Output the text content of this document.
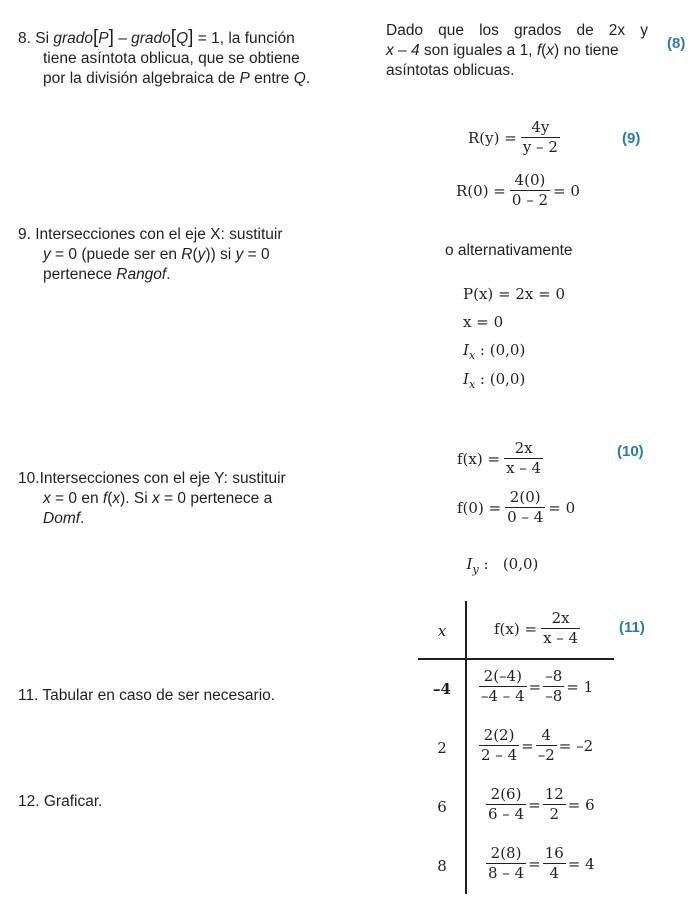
8. Si grado[P] – grado[Q] = 1, la función
tiene asíntota oblicua, que se obtiene
por la división algebraica de P entre Q.
9. Intersecciones con el eje X: sustituir
y = 0 (puede ser en R(y)) si y = 0
pertenece Rangof.
10.Intersecciones con el eje Y: sustituir
x = 0 en f(x). Si x = 0 pertenece a
Domf.
11. Tabular en caso de ser necesario.
12. Graficar.
Dado que los grados de 2x y
x – 4 son iguales a 1, f(x) no tiene
asíntotas oblicuas.
(8)
$R(y) = \frac{4y}{y - 2}$	(9)
$R(0) = \frac{4(0)}{0 - 2} = 0$
o alternativamente
P(x) = 2x = 0
x = 0
$I_x$ : (0,0)
$I_x$ : (0,0)
$f(x) = \frac{2x}{x - 4}$	(10)
$f(0) = \frac{2(0)}{0 - 4} = 0$

$I_y$ :   (0,0)

x	$f(x) = \frac{2x}{x - 4}$	(11)
–4	$\frac{2(-4)}{-4 - 4} = \frac{-8}{-8} = 1$
2	$\frac{2(2)}{2 - 4} = \frac{4}{-2} = -2$
6	$\frac{2(6)}{6 - 4} = \frac{12}{2} = 6$
8	$\frac{2(8)}{8 - 4} = \frac{16}{4} = 4$
